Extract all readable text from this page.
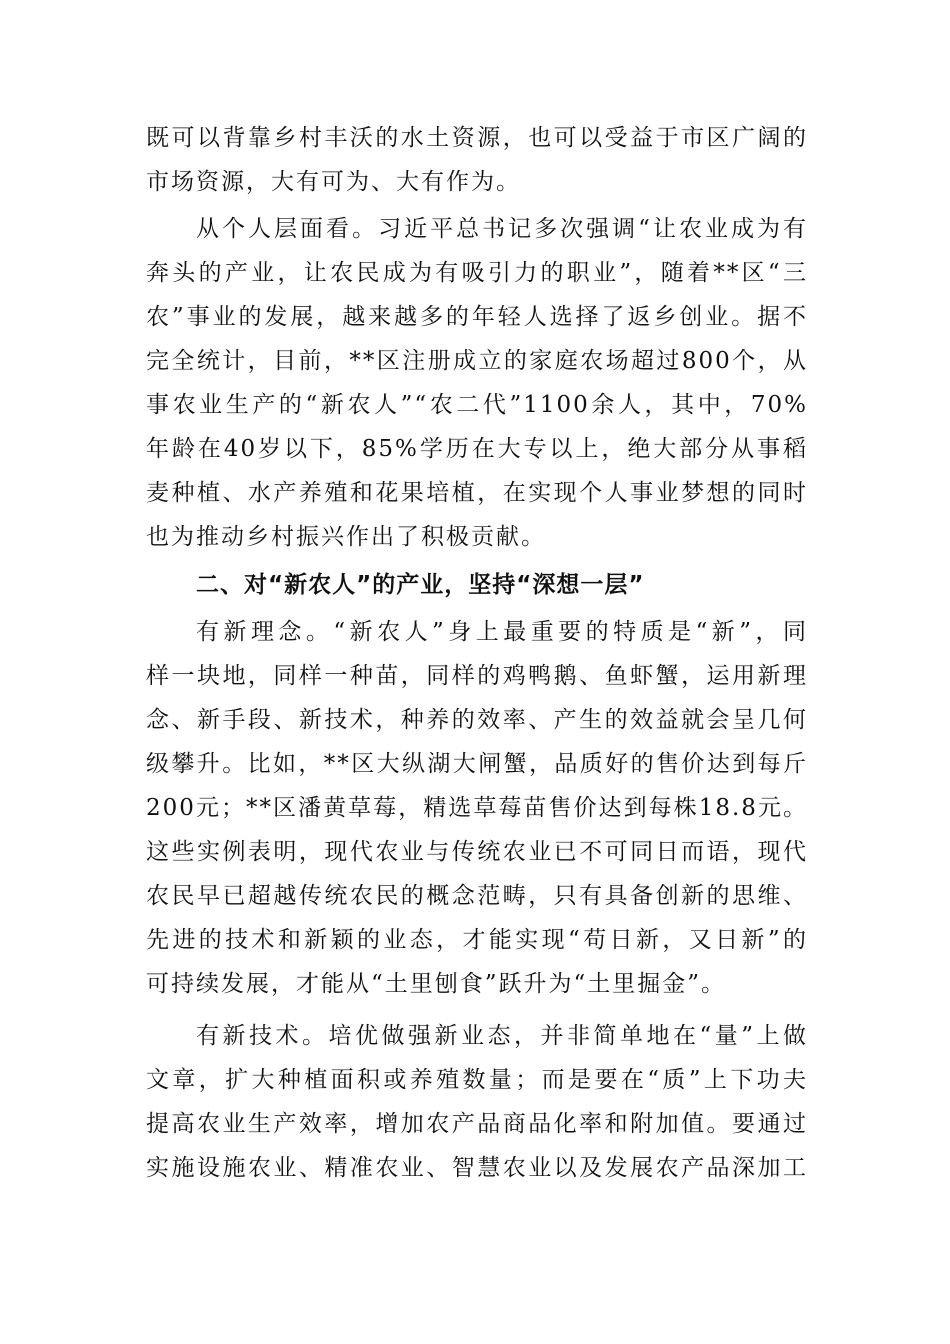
既可以背靠乡村丰沃的水土资源，也可以受益于市区广阔的
市场资源，大有可为、大有作为。
从个人层面看。习近平总书记多次强调“让农业成为有
奔头的产业，让农民成为有吸引力的职业”，随着**区“三
农”事业的发展，越来越多的年轻人选择了返乡创业。据不
完全统计，目前，**区注册成立的家庭农场超过800个，从
事农业生产的“新农人”“农二代”1100余人，其中，70%
年龄在40岁以下，85%学历在大专以上，绝大部分从事稻
麦种植、水产养殖和花果培植，在实现个人事业梦想的同时
也为推动乡村振兴作出了积极贡献。
二、对“新农人”的产业，坚持“深想一层”
有新理念。“新农人”身上最重要的特质是“新”，同
样一块地，同样一种苗，同样的鸡鸭鹅、鱼虾蟹，运用新理
念、新手段、新技术，种养的效率、产生的效益就会呈几何
级攀升。比如，**区大纵湖大闸蟹，品质好的售价达到每斤
200元；**区潘黄草莓，精选草莓苗售价达到每株18.8元。
这些实例表明，现代农业与传统农业已不可同日而语，现代
农民早已超越传统农民的概念范畴，只有具备创新的思维、
先进的技术和新颖的业态，才能实现“苟日新，又日新”的
可持续发展，才能从“土里刨食”跃升为“土里掘金”。
有新技术。培优做强新业态，并非简单地在“量”上做
文章，扩大种植面积或养殖数量；而是要在“质”上下功夫
提高农业生产效率，增加农产品商品化率和附加值。要通过
实施设施农业、精准农业、智慧农业以及发展农产品深加工
